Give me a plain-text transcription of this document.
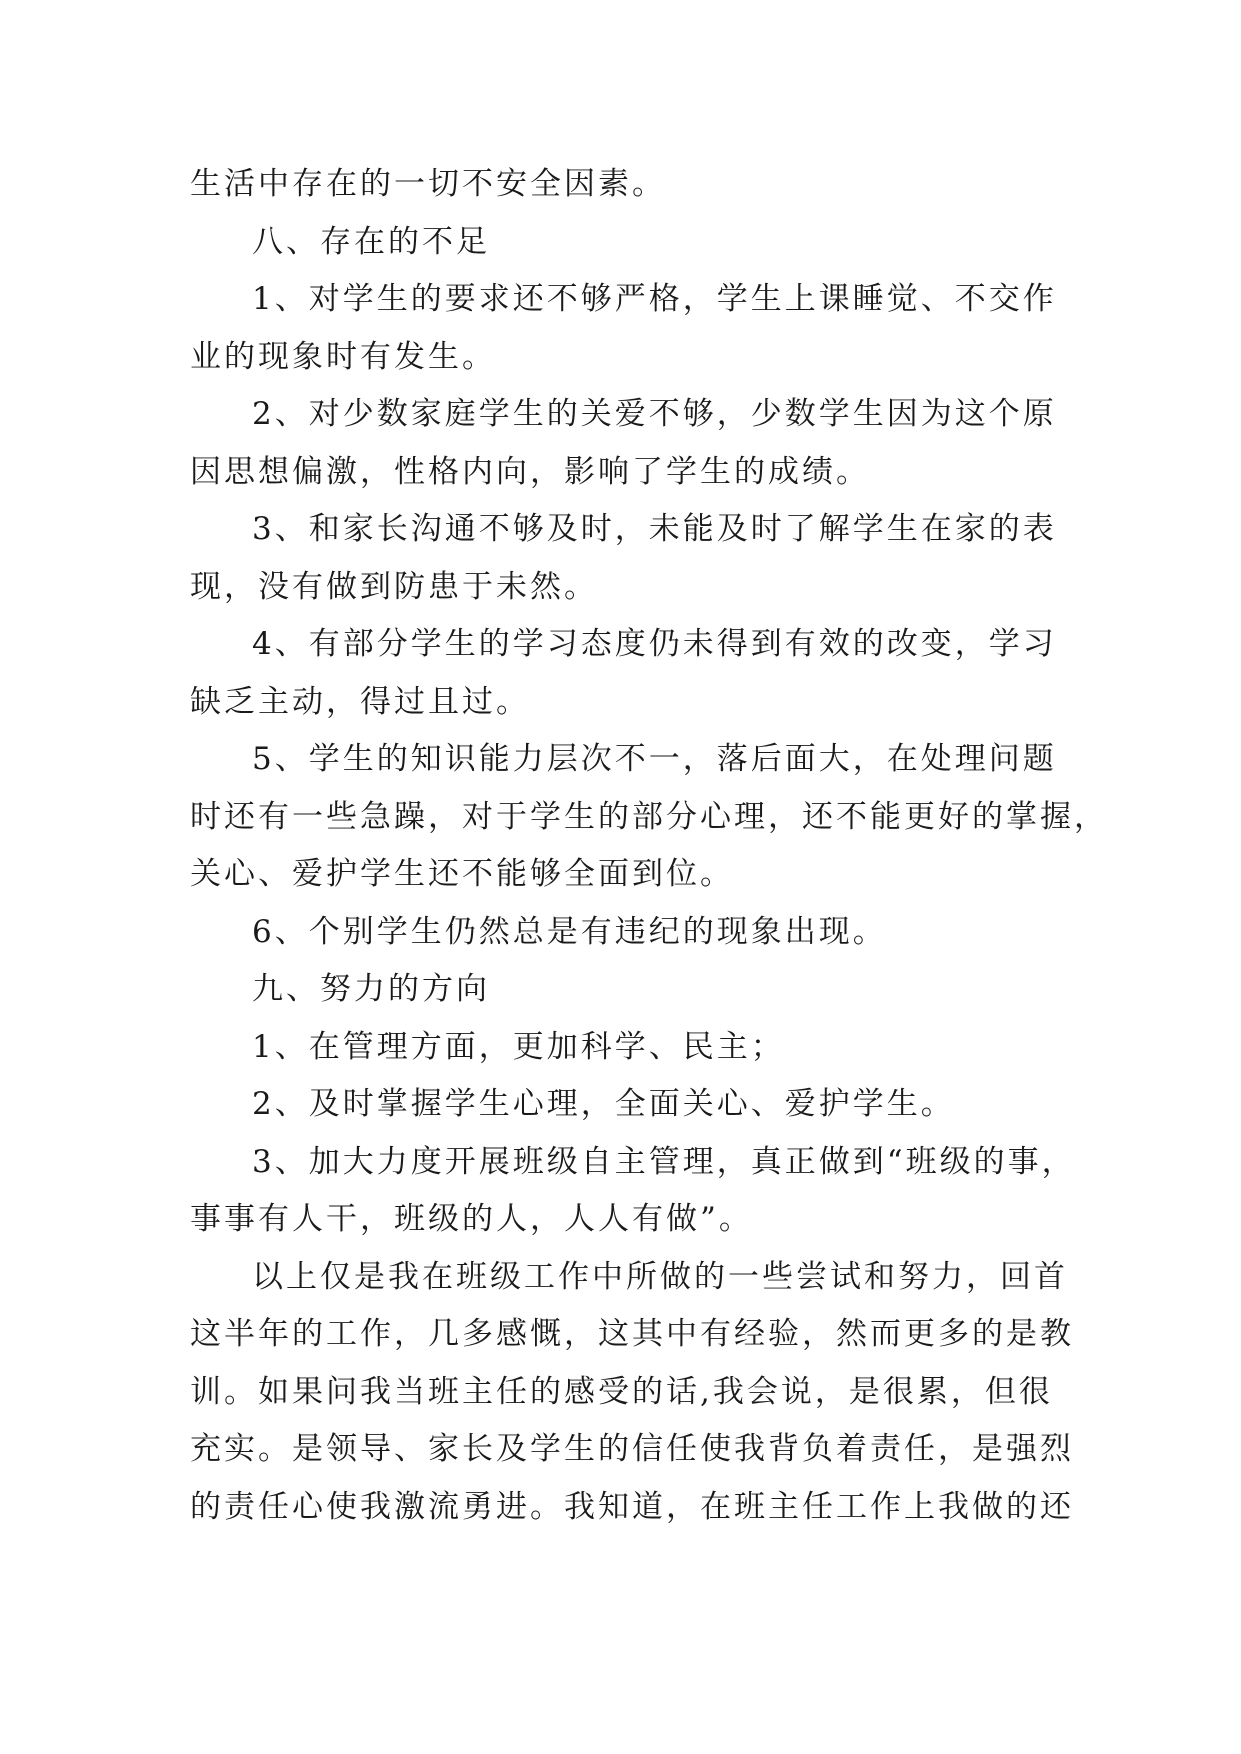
生活中存在的一切不安全因素。
八、存在的不足
1、对学生的要求还不够严格，学生上课睡觉、不交作
业的现象时有发生。
2、对少数家庭学生的关爱不够，少数学生因为这个原
因思想偏激，性格内向，影响了学生的成绩。
3、和家长沟通不够及时，未能及时了解学生在家的表
现，没有做到防患于未然。
4、有部分学生的学习态度仍未得到有效的改变，学习
缺乏主动，得过且过。
5、学生的知识能力层次不一，落后面大，在处理问题
时还有一些急躁，对于学生的部分心理，还不能更好的掌握，
关心、爱护学生还不能够全面到位。
6、个别学生仍然总是有违纪的现象出现。
九、努力的方向
1、在管理方面，更加科学、民主；
2、及时掌握学生心理，全面关心、爱护学生。
3、加大力度开展班级自主管理，真正做到“班级的事，
事事有人干，班级的人，人人有做”。
以上仅是我在班级工作中所做的一些尝试和努力，回首
这半年的工作，几多感慨，这其中有经验，然而更多的是教
训。如果问我当班主任的感受的话,我会说，是很累，但很
充实。是领导、家长及学生的信任使我背负着责任，是强烈
的责任心使我激流勇进。我知道，在班主任工作上我做的还
